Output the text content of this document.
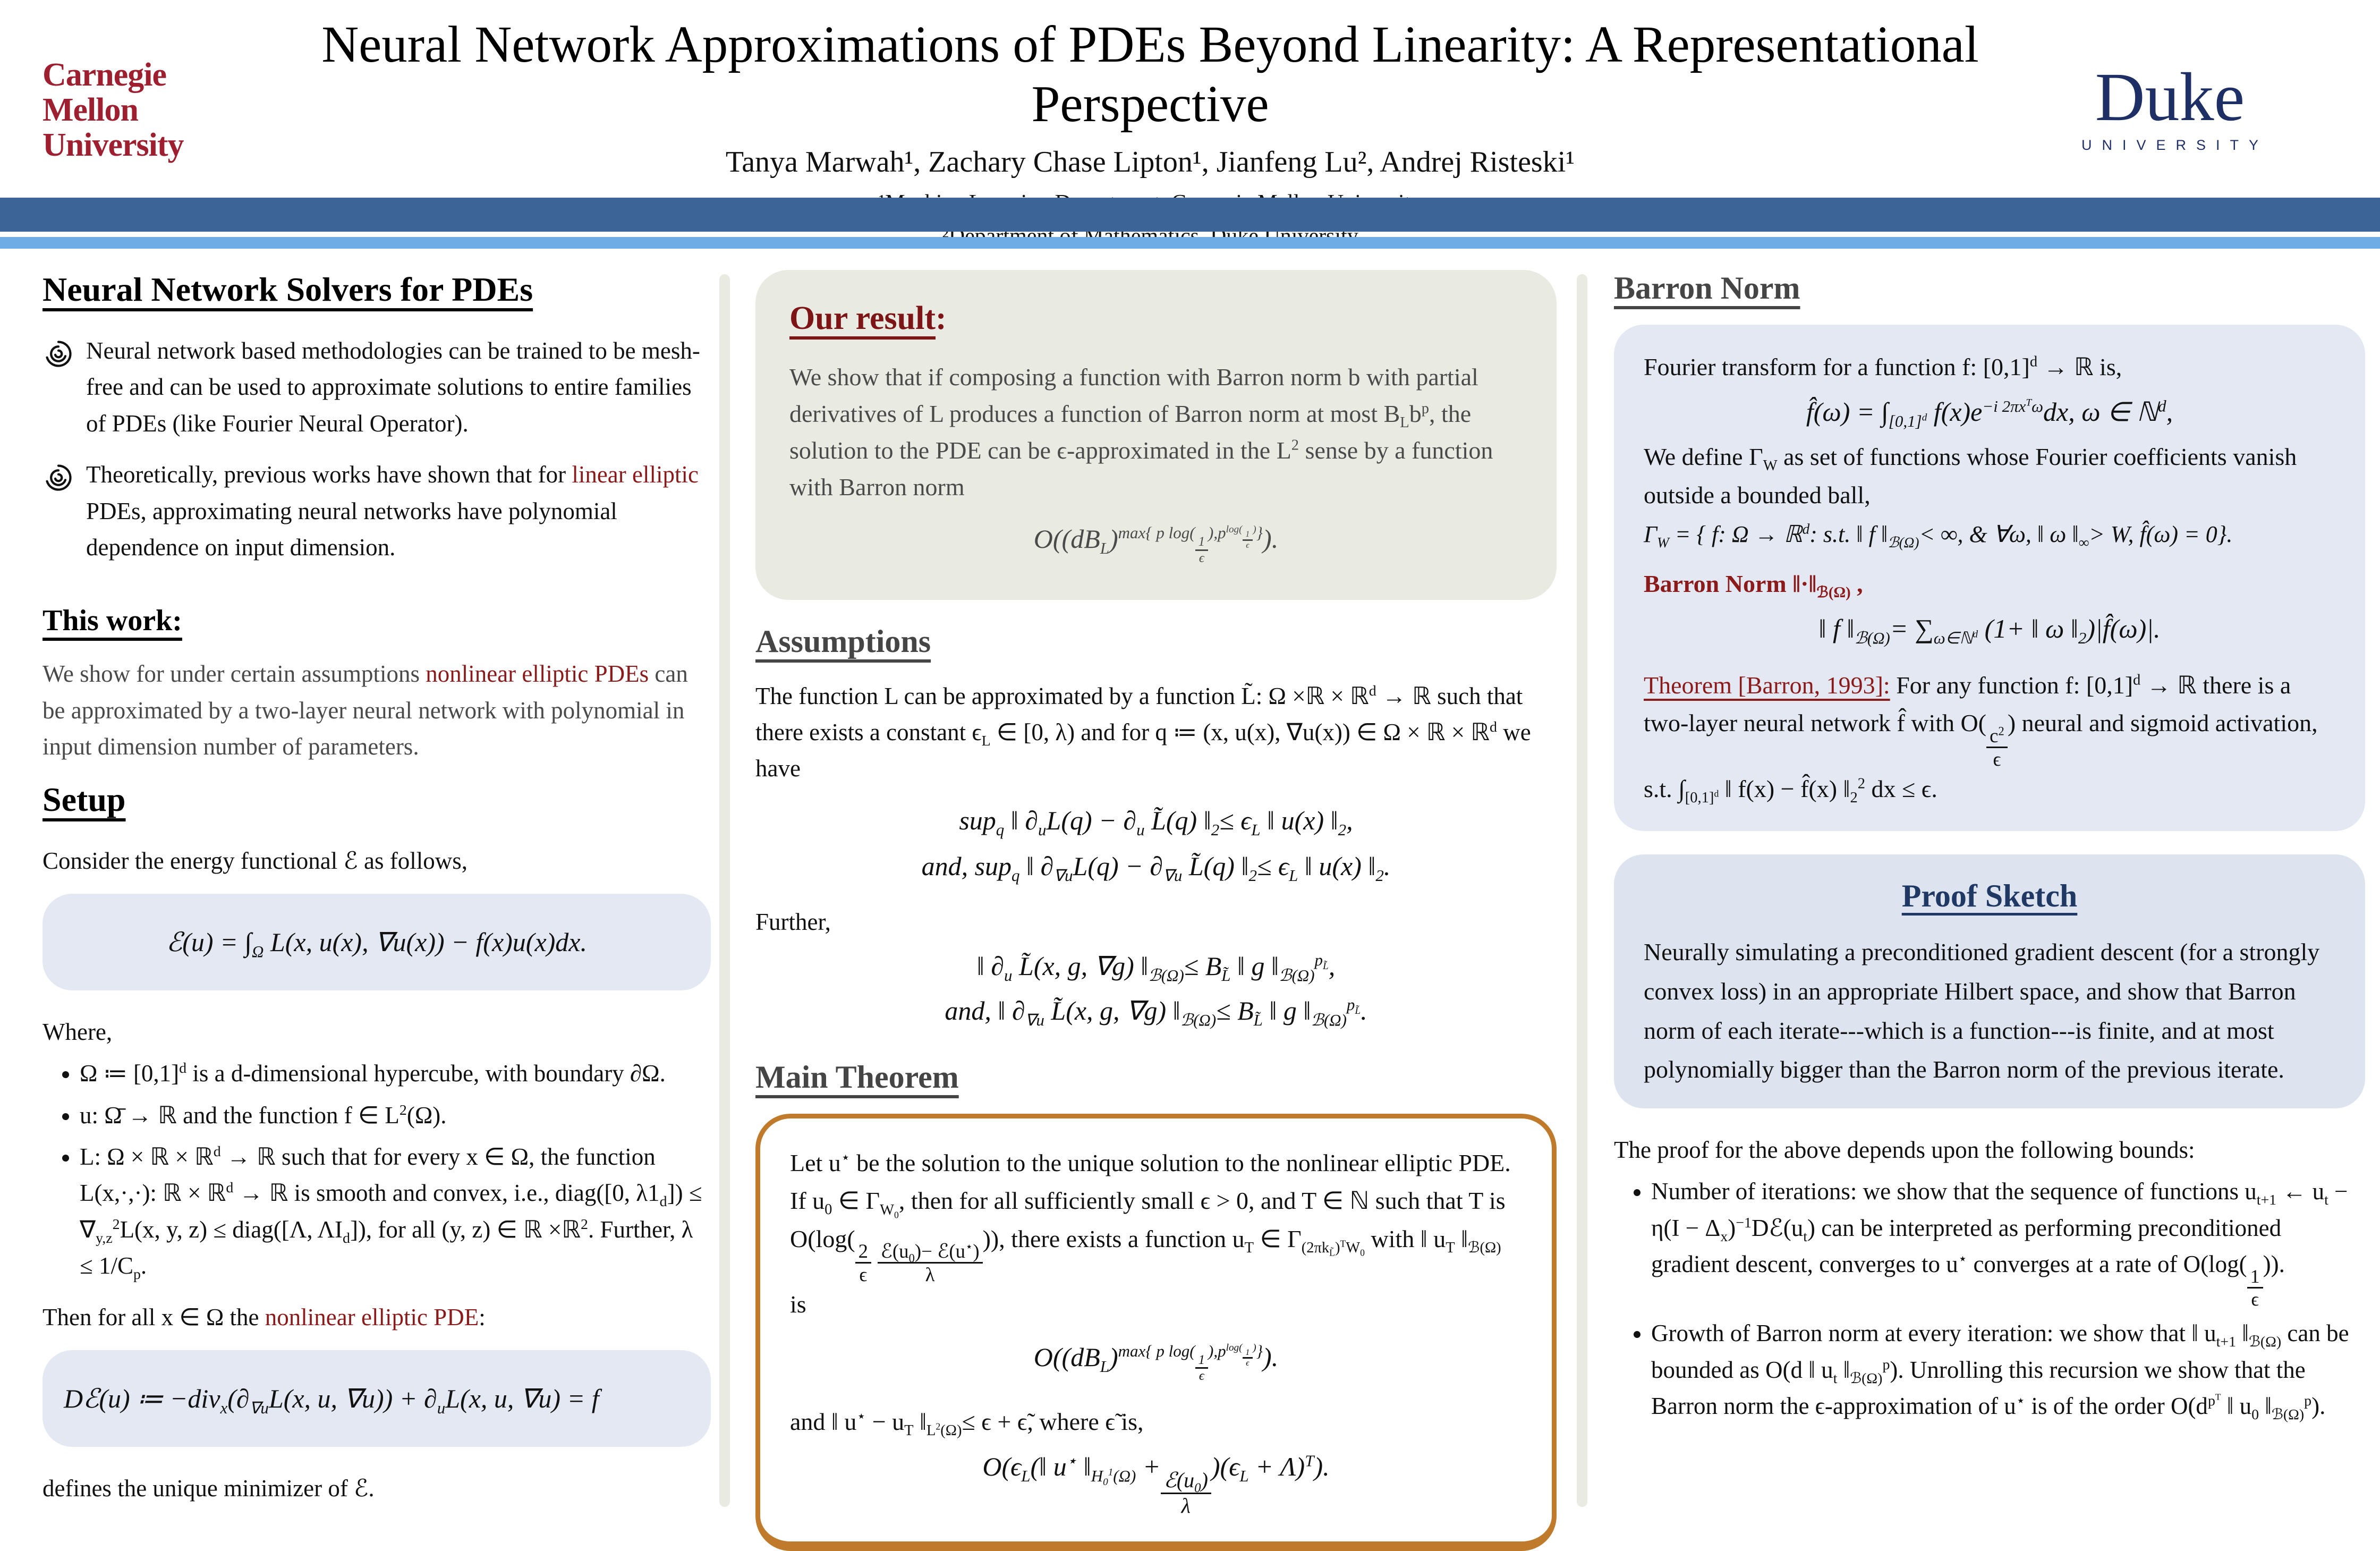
Carnegie
Mellon
University
Neural Network Approximations of PDEs Beyond Linearity: A Representational Perspective
Tanya Marwah¹, Zachary Chase Lipton¹, Jianfeng Lu², Andrej Risteski¹
Duke
UNIVERSITY
Neural Network Solvers for PDEs

Neural network based methodologies can be trained to be mesh-free and can be used to approximate solutions to entire families of PDEs (like Fourier Neural Operator).

Theoretically, previous works have shown that for linear elliptic PDEs, approximating neural networks have polynomial dependence on input dimension.

This work:

We show for under certain assumptions nonlinear elliptic PDEs can be approximated by a two-layer neural network with polynomial in input dimension number of parameters.

Setup

Consider the energy functional ℰ as follows,

ℰ(u) = $\int_\Omega$ L(x, u(x), ∇u(x)) − f(x)u(x)dx.

Where,

• Ω ≔ $[0,1]^d$ is a d-dimensional hypercube, with boundary ∂Ω.
• u: Ω̄ → ℝ and the function f ∈ $L^2(\Omega)$.
• L: Ω × ℝ × ℝ$^d$ → ℝ such that for every x ∈ Ω, the function L(x,·,·): ℝ × ℝ$^d$ → ℝ is smooth and convex, i.e., diag([0, $\lambda 1_d]) \le \nabla_{y,z}^2L(x$, y, z) ≤ diag([Λ, $\Lambda I_d$]), for all (y, z) ∈ ℝ ×ℝ$^2$. Further, $\lambda \le 1/C_p$.

Then for all x ∈ Ω the nonlinear elliptic PDE:

Dℰ(u) ≔ $-div_x(\partial_{\nabla u}L(x$, u, $\nabla u)) + \partial_uL(x$, u, ∇u) = f

defines the unique minimizer of ℰ.

Our result:

We show that if composing a function with Barron norm b with partial derivatives of L produces a function of Barron norm at most $B_Lb^p$, the solution to the PDE can be ϵ-approximated in the $L^2$ sense by a function with Barron norm

$O((dB_L)^{max\{ p log( \frac{1}{\epsilon} ),p^{log( \frac{1}{\epsilon} )}\}})$.
Assumptions

The function L can be approximated by a function L̃: Ω ×ℝ × ℝ$^d$ → ℝ such that there exists a constant $\epsilon_L$ ∈ [0, λ) and for q ≔ (x, u(x), ∇u(x)) ∈ Ω × ℝ × ℝ$^d$ we have

sup$_q$ ‖ $\partial_uL(q) - \partial_u$ L̃(q) $‖_2\le \epsilon_L$ ‖ u(x) $‖_2$,
and, sup$_q$ ‖ $\partial_{\nabla u}L(q) - \partial_{\nabla u}$ L̃(q) $‖_2\le \epsilon_L$ ‖ u(x) $‖_2$.

Further,

‖ $\partial_u$ L̃(x, g, ∇g) $‖_{ℬ(\Omega)}\le B_{L̃}$ ‖ g $‖_{ℬ(\Omega)}^{p_{L̃}}$,
and, ‖ $\partial_{\nabla u}$ L̃(x, g, ∇g) $‖_{ℬ(\Omega)}\le B_{L̃}$ ‖ g $‖_{ℬ(\Omega)}^{p_{L̃}}$.
Main Theorem

Let u⋆ be the solution to the unique solution to the nonlinear elliptic PDE. If $u_0$ ∈ $\Gamma_{W_0}$, then for all sufficiently small ϵ > 0, and T ∈ ℕ such that T is O(log(
$\frac{2}{\epsilon}$
$ℰ(u_0)-$ ℰ(u⋆)
λ
)), there exists a function $u_T$ ∈ $\Gamma_{(2\pi k_{L̃})^TW_0}$ with ‖ $u_T$ $‖_{ℬ(\Omega)}$ is

$O((dB_L)^{max\{ p log( \frac{1}{\epsilon} ),p^{log( \frac{1}{\epsilon} )}\}})$.

and ‖ $u^⋆ - u_T$ $‖_{L^2(\Omega)}\le \epsilon$ + ϵ̃, where ϵ̃ is,

$O(\epsilon_L(‖$ u⋆ $‖_{H_0^1(\Omega)}$ + $ℰ(u_0)$
λ
)$(\epsilon_L + \Lambda)^T$).
Barron Norm

Fourier transform for a function f: $[0,1]^d$ → ℝ is,

f̂(ω) = $\int_{[0,1]^d}$ $f(x)e^{-i 2\pi x^T\omega}dx$, ω ∈ ℕ$^d$,

We define $\Gamma_W$ as set of functions whose Fourier coefficients vanish outside a bounded ball,

$\Gamma_W$ = { f: Ω → ℝ$^d$: s.t. ‖ f $‖_{ℬ(\Omega)}<$ ∞, & ∀ω, ‖ ω $‖_\infty> W$, f̂(ω) = 0}.

Barron Norm $‖\cdot‖_{ℬ(\Omega)}$ ,

‖ f $‖_{ℬ(\Omega)}= \sum_{\omega\in ℕ^d}$ (1+ ‖ ω $‖_2)|f̂(\omega)|$.

Theorem [Barron, 1993]: For any function f: $[0,1]^d$ → ℝ there is a two-layer neural network f̂ with O(
$\frac{c^2}{\epsilon}$
) neural and sigmoid activation, s.t. $\int_{[0,1]^d}$ ‖ f(x) − f̂(x) $‖_2^2$ dx ≤ ϵ.

Proof Sketch

Neurally simulating a preconditioned gradient descent (for a strongly convex loss) in an appropriate Hilbert space, and show that Barron norm of each iterate---which is a function---is finite, and at most polynomially bigger than the Barron norm of the previous iterate.

The proof for the above depends upon the following bounds:

• Number of iterations: we show that the sequence of functions $u_{t+1}$ ← $u_t - \eta(I$ − $\Delta_x)^{-1}Dℰ(u_t)$ can be interpreted as performing preconditioned gradient descent, converges to u⋆ converges at a rate of O(log(
$\frac{1}{\epsilon}$
)).
• Growth of Barron norm at every iteration: we show that ‖ $u_{t+1}$ $‖_{ℬ(\Omega)}$ can be bounded as O(d ‖ $u_t$ $‖_{ℬ(\Omega)}^p$). Unrolling this recursion we show that the Barron norm the ϵ-approximation of u⋆ is of the order $O(d^{p^T}$ ‖ $u_0$ $‖_{ℬ(\Omega)}^p$).
